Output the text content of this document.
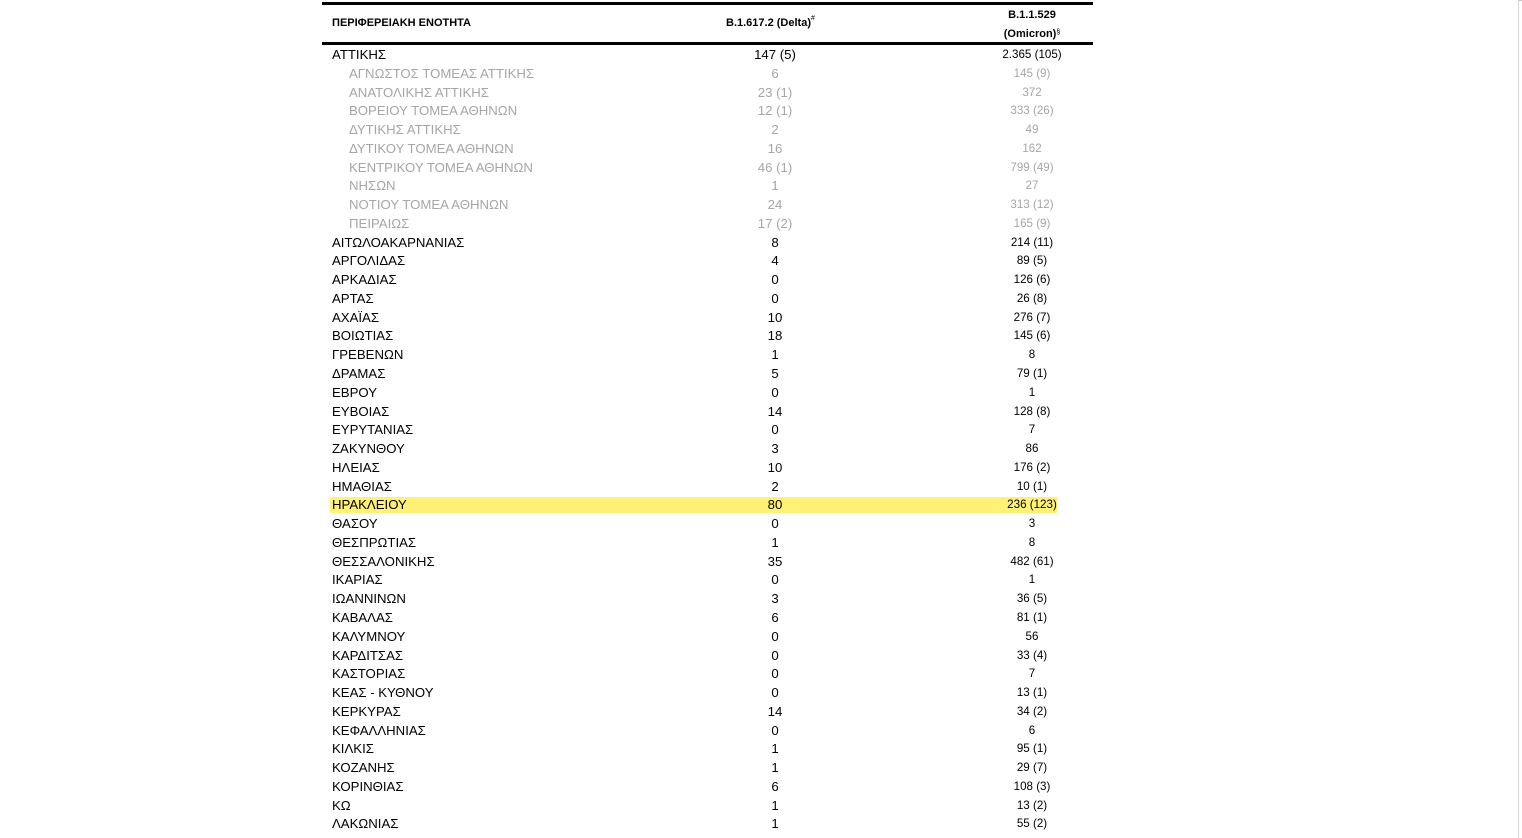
ΠΕΡΙΦΕΡΕΙΑΚΗ ΕΝΟΤΗΤΑ	B.1.617.2 (Delta)#	B.1.1.529
(Omicron)§
ΑΤΤΙΚΗΣ	147 (5)	2.365 (105)
ΑΓΝΩΣΤΟΣ ΤΟΜΕΑΣ ΑΤΤΙΚΗΣ	6	145 (9)
ΑΝΑΤΟΛΙΚΗΣ ΑΤΤΙΚΗΣ	23 (1)	372
ΒΟΡΕΙΟΥ ΤΟΜΕΑ ΑΘΗΝΩΝ	12 (1)	333 (26)
ΔΥΤΙΚΗΣ ΑΤΤΙΚΗΣ	2	49
ΔΥΤΙΚΟΥ ΤΟΜΕΑ ΑΘΗΝΩΝ	16	162
ΚΕΝΤΡΙΚΟΥ ΤΟΜΕΑ ΑΘΗΝΩΝ	46 (1)	799 (49)
ΝΗΣΩΝ	1	27
ΝΟΤΙΟΥ ΤΟΜΕΑ ΑΘΗΝΩΝ	24	313 (12)
ΠΕΙΡΑΙΩΣ	17 (2)	165 (9)
ΑΙΤΩΛΟΑΚΑΡΝΑΝΙΑΣ	8	214 (11)
ΑΡΓΟΛΙΔΑΣ	4	89 (5)
ΑΡΚΑΔΙΑΣ	0	126 (6)
ΑΡΤΑΣ	0	26 (8)
ΑΧΑΪΑΣ	10	276 (7)
ΒΟΙΩΤΙΑΣ	18	145 (6)
ΓΡΕΒΕΝΩΝ	1	8
ΔΡΑΜΑΣ	5	79 (1)
ΕΒΡΟΥ	0	1
ΕΥΒΟΙΑΣ	14	128 (8)
ΕΥΡΥΤΑΝΙΑΣ	0	7
ΖΑΚΥΝΘΟΥ	3	86
ΗΛΕΙΑΣ	10	176 (2)
ΗΜΑΘΙΑΣ	2	10 (1)
ΗΡΑΚΛΕΙΟΥ	80	236 (123)
ΘΑΣΟΥ	0	3
ΘΕΣΠΡΩΤΙΑΣ	1	8
ΘΕΣΣΑΛΟΝΙΚΗΣ	35	482 (61)
ΙΚΑΡΙΑΣ	0	1
ΙΩΑΝΝΙΝΩΝ	3	36 (5)
ΚΑΒΑΛΑΣ	6	81 (1)
ΚΑΛΥΜΝΟΥ	0	56
ΚΑΡΔΙΤΣΑΣ	0	33 (4)
ΚΑΣΤΟΡΙΑΣ	0	7
ΚΕΑΣ - ΚΥΘΝΟΥ	0	13 (1)
ΚΕΡΚΥΡΑΣ	14	34 (2)
ΚΕΦΑΛΛΗΝΙΑΣ	0	6
ΚΙΛΚΙΣ	1	95 (1)
ΚΟΖΑΝΗΣ	1	29 (7)
ΚΟΡΙΝΘΙΑΣ	6	108 (3)
ΚΩ	1	13 (2)
ΛΑΚΩΝΙΑΣ	1	55 (2)
